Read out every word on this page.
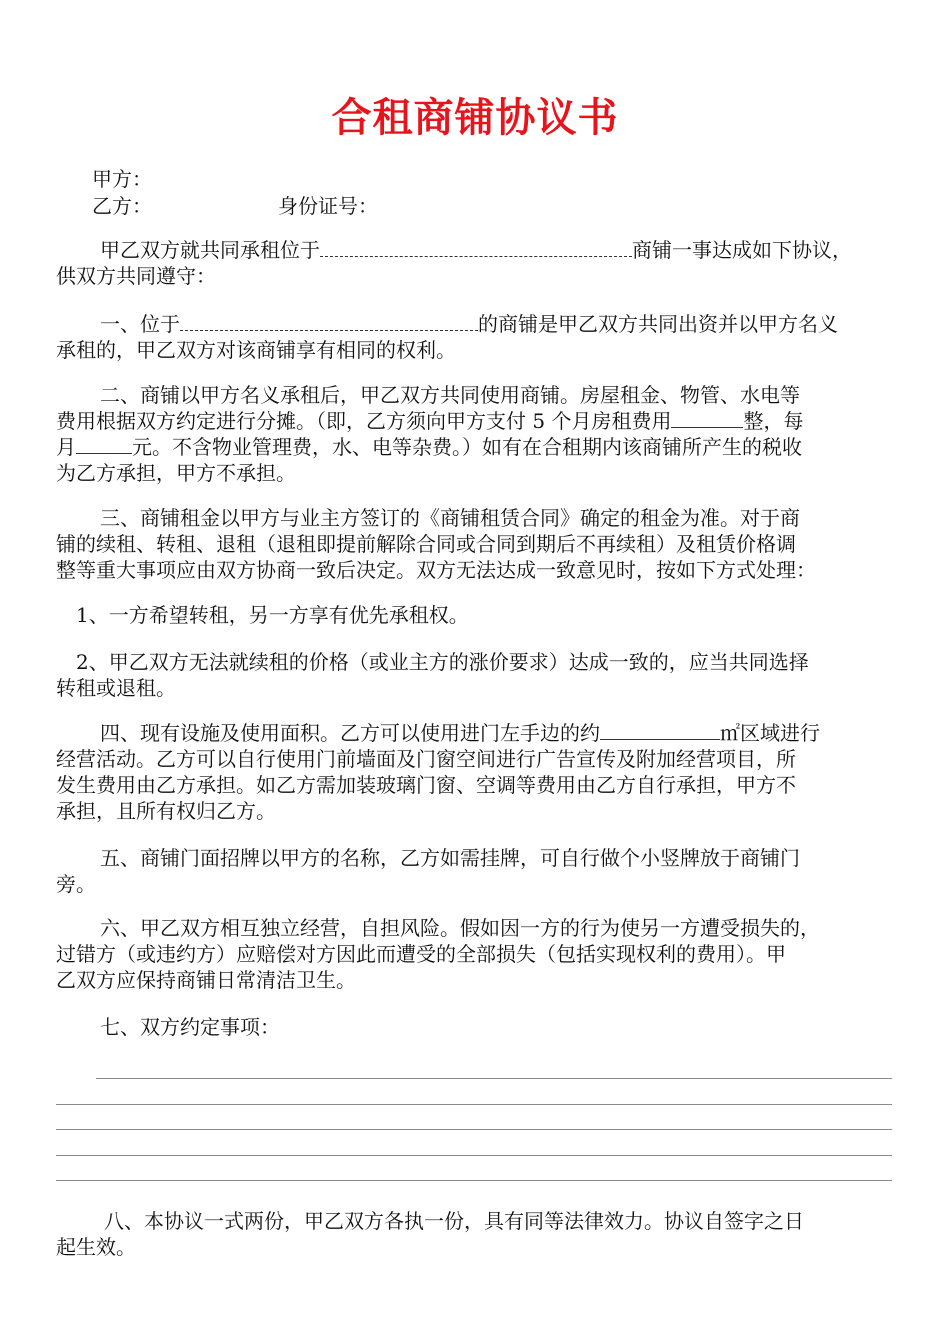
合租商铺协议书
甲方：
乙方：	身份证号：
甲乙双方就共同承租位于	商铺一事达成如下协议，
供双方共同遵守：
一、位于	的商铺是甲乙双方共同出资并以甲方名义
承租的，甲乙双方对该商铺享有相同的权利。
二、商铺以甲方名义承租后，甲乙双方共同使用商铺。房屋租金、物管、水电等
费用根据双方约定进行分摊。（即，乙方须向甲方支付 5 个月房租费用	整，每
月	元。不含物业管理费，水、电等杂费。）如有在合租期内该商铺所产生的税收
为乙方承担，甲方不承担。
三、商铺租金以甲方与业主方签订的《商铺租赁合同》确定的租金为准。对于商
铺的续租、转租、退租（退租即提前解除合同或合同到期后不再续租）及租赁价格调
整等重大事项应由双方协商一致后决定。双方无法达成一致意见时，按如下方式处理：
1、一方希望转租，另一方享有优先承租权。
2、甲乙双方无法就续租的价格（或业主方的涨价要求）达成一致的，应当共同选择
转租或退租。
四、现有设施及使用面积。乙方可以使用进门左手边的约	㎡区域进行
经营活动。乙方可以自行使用门前墙面及门窗空间进行广告宣传及附加经营项目，所
发生费用由乙方承担。如乙方需加装玻璃门窗、空调等费用由乙方自行承担，甲方不
承担，且所有权归乙方。
五、商铺门面招牌以甲方的名称，乙方如需挂牌，可自行做个小竖牌放于商铺门
旁。
六、甲乙双方相互独立经营，自担风险。假如因一方的行为使另一方遭受损失的，
过错方（或违约方）应赔偿对方因此而遭受的全部损失（包括实现权利的费用）。甲
乙双方应保持商铺日常清洁卫生。
七、双方约定事项：
八、本协议一式两份，甲乙双方各执一份，具有同等法律效力。协议自签字之日
起生效。
